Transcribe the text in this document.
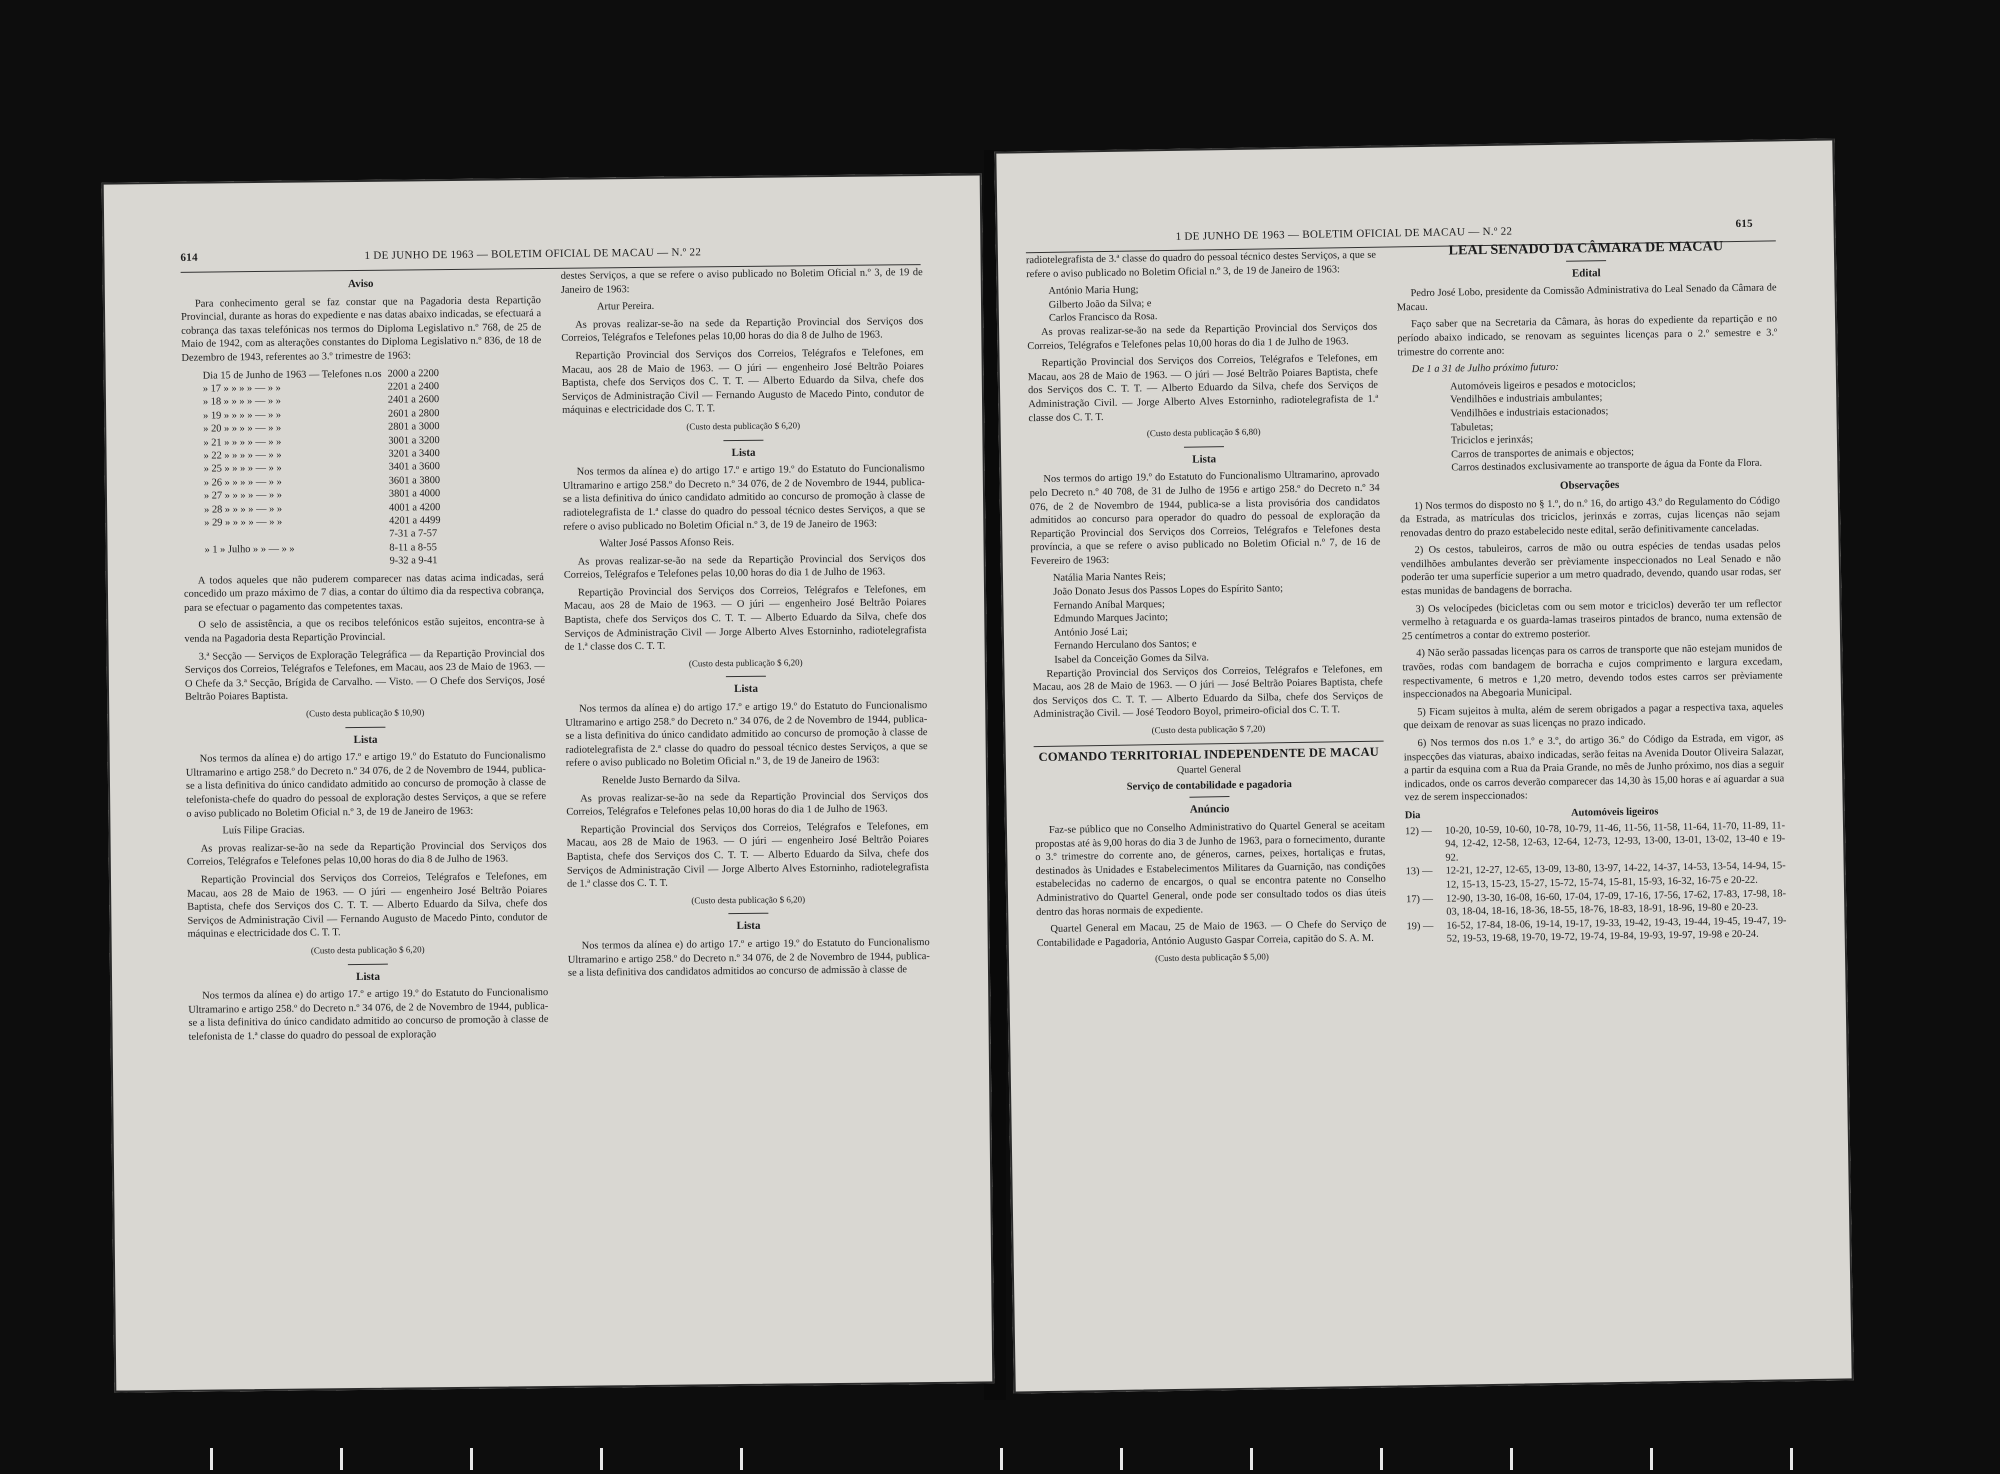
614	1 DE JUNHO DE 1963 — BOLETIM OFICIAL DE MACAU — N.º 22
Aviso

Para conhecimento geral se faz constar que na Pagadoria desta Repartição Provincial, durante as horas do expediente e nas datas abaixo indicadas, se efectuará a cobrança das taxas telefónicas nos termos do Diploma Legislativo n.º 768, de 25 de Maio de 1942, com as alterações constantes do Diploma Legislativo n.º 836, de 18 de Dezembro de 1943, referentes ao 3.º trimestre de 1963:

Dia 15 de Junho de 1963 — Telefones n.os	2000 a 2200
» 17 » » » » — » »	2201 a 2400
» 18 » » » » — » »	2401 a 2600
» 19 » » » » — » »	2601 a 2800
» 20 » » » » — » »	2801 a 3000
» 21 » » » » — » »	3001 a 3200
» 22 » » » » — » »	3201 a 3400
» 25 » » » » — » »	3401 a 3600
» 26 » » » » — » »	3601 a 3800
» 27 » » » » — » »	3801 a 4000
» 28 » » » » — » »	4001 a 4200
» 29 » » » » — » »	4201 a 4499
	7-31 a 7-57
» 1 » Julho » » — » »	8-11 a 8-55
	9-32 a 9-41

A todos aqueles que não puderem comparecer nas datas acima indicadas, será concedido um prazo máximo de 7 dias, a contar do último dia da respectiva cobrança, para se efectuar o pagamento das competentes taxas.

O selo de assistência, a que os recibos telefónicos estão sujeitos, encontra-se à venda na Pagadoria desta Repartição Provincial.

3.ª Secção — Serviços de Exploração Telegráfica — da Repartição Provincial dos Serviços dos Correios, Telégrafos e Telefones, em Macau, aos 23 de Maio de 1963. — O Chefe da 3.ª Secção, Brígida de Carvalho. — Visto. — O Chefe dos Serviços, José Beltrão Poiares Baptista.

(Custo desta publicação $ 10,90)
Lista

Nos termos da alínea e) do artigo 17.º e artigo 19.º do Estatuto do Funcionalismo Ultramarino e artigo 258.º do Decreto n.º 34 076, de 2 de Novembro de 1944, publica-se a lista definitiva do único candidato admitido ao concurso de promoção à classe de telefonista-chefe do quadro do pessoal de exploração destes Serviços, a que se refere o aviso publicado no Boletim Oficial n.º 3, de 19 de Janeiro de 1963:

Luís Filipe Gracias.

As provas realizar-se-ão na sede da Repartição Provincial dos Serviços dos Correios, Telégrafos e Telefones pelas 10,00 horas do dia 8 de Julho de 1963.

Repartição Provincial dos Serviços dos Correios, Telégrafos e Telefones, em Macau, aos 28 de Maio de 1963. — O júri — engenheiro José Beltrão Poiares Baptista, chefe dos Serviços dos C. T. T. — Alberto Eduardo da Silva, chefe dos Serviços de Administração Civil — Fernando Augusto de Macedo Pinto, condutor de máquinas e electricidade dos C. T. T.

(Custo desta publicação $ 6,20)
Lista

Nos termos da alínea e) do artigo 17.º e artigo 19.º do Estatuto do Funcionalismo Ultramarino e artigo 258.º do Decreto n.º 34 076, de 2 de Novembro de 1944, publica-se a lista definitiva do único candidato admitido ao concurso de promoção à classe de telefonista de 1.ª classe do quadro do pessoal de exploração

destes Serviços, a que se refere o aviso publicado no Boletim Oficial n.º 3, de 19 de Janeiro de 1963:

Artur Pereira.

As provas realizar-se-ão na sede da Repartição Provincial dos Serviços dos Correios, Telégrafos e Telefones pelas 10,00 horas do dia 8 de Julho de 1963.

Repartição Provincial dos Serviços dos Correios, Telégrafos e Telefones, em Macau, aos 28 de Maio de 1963. — O júri — engenheiro José Beltrão Poiares Baptista, chefe dos Serviços dos C. T. T. — Alberto Eduardo da Silva, chefe dos Serviços de Administração Civil — Fernando Augusto de Macedo Pinto, condutor de máquinas e electricidade dos C. T. T.

(Custo desta publicação $ 6,20)
Lista

Nos termos da alínea e) do artigo 17.º e artigo 19.º do Estatuto do Funcionalismo Ultramarino e artigo 258.º do Decreto n.º 34 076, de 2 de Novembro de 1944, publica-se a lista definitiva do único candidato admitido ao concurso de promoção à classe de radiotelegrafista de 1.ª classe do quadro do pessoal técnico destes Serviços, a que se refere o aviso publicado no Boletim Oficial n.º 3, de 19 de Janeiro de 1963:

Walter José Passos Afonso Reis.

As provas realizar-se-ão na sede da Repartição Provincial dos Serviços dos Correios, Telégrafos e Telefones pelas 10,00 horas do dia 1 de Julho de 1963.

Repartição Provincial dos Serviços dos Correios, Telégrafos e Telefones, em Macau, aos 28 de Maio de 1963. — O júri — engenheiro José Beltrão Poiares Baptista, chefe dos Serviços dos C. T. T. — Alberto Eduardo da Silva, chefe dos Serviços de Administração Civil — Jorge Alberto Alves Estorninho, radiotelegrafista de 1.ª classe dos C. T. T.

(Custo desta publicação $ 6,20)
Lista

Nos termos da alínea e) do artigo 17.º e artigo 19.º do Estatuto do Funcionalismo Ultramarino e artigo 258.º do Decreto n.º 34 076, de 2 de Novembro de 1944, publica-se a lista definitiva do único candidato admitido ao concurso de promoção à classe de radiotelegrafista de 2.ª classe do quadro do pessoal técnico destes Serviços, a que se refere o aviso publicado no Boletim Oficial n.º 3, de 19 de Janeiro de 1963:

Renelde Justo Bernardo da Silva.

As provas realizar-se-ão na sede da Repartição Provincial dos Serviços dos Correios, Telégrafos e Telefones pelas 10,00 horas do dia 1 de Julho de 1963.

Repartição Provincial dos Serviços dos Correios, Telégrafos e Telefones, em Macau, aos 28 de Maio de 1963. — O júri — engenheiro José Beltrão Poiares Baptista, chefe dos Serviços dos C. T. T. — Alberto Eduardo da Silva, chefe dos Serviços de Administração Civil — Jorge Alberto Alves Estorninho, radiotelegrafista de 1.ª classe dos C. T. T.

(Custo desta publicação $ 6,20)
Lista

Nos termos da alínea e) do artigo 17.º e artigo 19.º do Estatuto do Funcionalismo Ultramarino e artigo 258.º do Decreto n.º 34 076, de 2 de Novembro de 1944, publica-se a lista definitiva dos candidatos admitidos ao concurso de admissão à classe de

1 DE JUNHO DE 1963 — BOLETIM OFICIAL DE MACAU — N.º 22
615

radiotelegrafista de 3.ª classe do quadro do pessoal técnico destes Serviços, a que se refere o aviso publicado no Boletim Oficial n.º 3, de 19 de Janeiro de 1963:

António Maria Hung;
Gilberto João da Silva; e
Carlos Francisco da Rosa.

As provas realizar-se-ão na sede da Repartição Provincial dos Serviços dos Correios, Telégrafos e Telefones pelas 10,00 horas do dia 1 de Julho de 1963.

Repartição Provincial dos Serviços dos Correios, Telégrafos e Telefones, em Macau, aos 28 de Maio de 1963. — O júri — José Beltrão Poiares Baptista, chefe dos Serviços dos C. T. T. — Alberto Eduardo da Silva, chefe dos Serviços de Administração Civil. — Jorge Alberto Alves Estorninho, radiotelegrafista de 1.ª classe dos C. T. T.

(Custo desta publicação $ 6,80)
Lista

Nos termos do artigo 19.º do Estatuto do Funcionalismo Ultramarino, aprovado pelo Decreto n.º 40 708, de 31 de Julho de 1956 e artigo 258.º do Decreto n.º 34 076, de 2 de Novembro de 1944, publica-se a lista provisória dos candidatos admitidos ao concurso para operador do quadro do pessoal de exploração da Repartição Provincial dos Serviços dos Correios, Telégrafos e Telefones desta província, a que se refere o aviso publicado no Boletim Oficial n.º 7, de 16 de Fevereiro de 1963:

Natália Maria Nantes Reis;
João Donato Jesus dos Passos Lopes do Espírito Santo;
Fernando Aníbal Marques;
Edmundo Marques Jacinto;
António José Lai;
Fernando Herculano dos Santos; e
Isabel da Conceição Gomes da Silva.

Repartição Provincial dos Serviços dos Correios, Telégrafos e Telefones, em Macau, aos 28 de Maio de 1963. — O júri — José Beltrão Poiares Baptista, chefe dos Serviços dos C. T. T. — Alberto Eduardo da Silba, chefe dos Serviços de Administração Civil. — José Teodoro Boyol, primeiro-oficial dos C. T. T.

(Custo desta publicação $ 7,20)
COMANDO TERRITORIAL INDEPENDENTE DE MACAU
Quartel General
Serviço de contabilidade e pagadoria
Anúncio

Faz-se público que no Conselho Administrativo do Quartel General se aceitam propostas até às 9,00 horas do dia 3 de Junho de 1963, para o fornecimento, durante o 3.º trimestre do corrente ano, de géneros, carnes, peixes, hortaliças e frutas, destinados às Unidades e Estabelecimentos Militares da Guarnição, nas condições estabelecidas no caderno de encargos, o qual se encontra patente no Conselho Administrativo do Quartel General, onde pode ser consultado todos os dias úteis dentro das horas normais de expediente.

Quartel General em Macau, 25 de Maio de 1963. — O Chefe do Serviço de Contabilidade e Pagadoria, António Augusto Gaspar Correia, capitão do S. A. M.

(Custo desta publicação $ 5,00)
LEAL SENADO DA CÂMARA DE MACAU
Edital

Pedro José Lobo, presidente da Comissão Administrativa do Leal Senado da Câmara de Macau.

Faço saber que na Secretaria da Câmara, às horas do expediente da repartição e no período abaixo indicado, se renovam as seguintes licenças para o 2.º semestre e 3.º trimestre do corrente ano:

De 1 a 31 de Julho próximo futuro:

Automóveis ligeiros e pesados e motociclos;
Vendilhões e industriais ambulantes;
Vendilhões e industriais estacionados;
Tabuletas;
Triciclos e jerinxás;
Carros de transportes de animais e objectos;
Carros destinados exclusivamente ao transporte de água da Fonte da Flora.
Observações

1) Nos termos do disposto no § 1.º, do n.º 16, do artigo 43.º do Regulamento do Código da Estrada, as matrículas dos triciclos, jerinxás e zorras, cujas licenças não sejam renovadas dentro do prazo estabelecido neste edital, serão definitivamente canceladas.

2) Os cestos, tabuleiros, carros de mão ou outra espécies de tendas usadas pelos vendilhões ambulantes deverão ser prèviamente inspeccionados no Leal Senado e não poderão ter uma superfície superior a um metro quadrado, devendo, quando usar rodas, ser estas munidas de bandagens de borracha.

3) Os velocípedes (bicicletas com ou sem motor e triciclos) deverão ter um reflector vermelho à retaguarda e os guarda-lamas traseiros pintados de branco, numa extensão de 25 centímetros a contar do extremo posterior.

4) Não serão passadas licenças para os carros de transporte que não estejam munidos de travões, rodas com bandagem de borracha e cujos comprimento e largura excedam, respectivamente, 6 metros e 1,20 metro, devendo todos estes carros ser prèviamente inspeccionados na Abegoaria Municipal.

5) Ficam sujeitos à multa, além de serem obrigados a pagar a respectiva taxa, aqueles que deixam de renovar as suas licenças no prazo indicado.

6) Nos termos dos n.os 1.º e 3.º, do artigo 36.º do Código da Estrada, em vigor, as inspecções das viaturas, abaixo indicadas, serão feitas na Avenida Doutor Oliveira Salazar, a partir da esquina com a Rua da Praia Grande, no mês de Junho próximo, nos dias a seguir indicados, onde os carros deverão comparecer das 14,30 às 15,00 horas e aí aguardar a sua vez de serem inspeccionados:

Dia	Automóveis ligeiros
12) —	10-20, 10-59, 10-60, 10-78, 10-79, 11-46, 11-56, 11-58, 11-64, 11-70, 11-89, 11-94, 12-42, 12-58, 12-63, 12-64, 12-73, 12-93, 13-00, 13-01, 13-02, 13-40 e 19-92.
13) —	12-21, 12-27, 12-65, 13-09, 13-80, 13-97, 14-22, 14-37, 14-53, 13-54, 14-94, 15-12, 15-13, 15-23, 15-27, 15-72, 15-74, 15-81, 15-93, 16-32, 16-75 e 20-22.
17) —	12-90, 13-30, 16-08, 16-60, 17-04, 17-09, 17-16, 17-56, 17-62, 17-83, 17-98, 18-03, 18-04, 18-16, 18-36, 18-55, 18-76, 18-83, 18-91, 18-96, 19-80 e 20-23.
19) —	16-52, 17-84, 18-06, 19-14, 19-17, 19-33, 19-42, 19-43, 19-44, 19-45, 19-47, 19-52, 19-53, 19-68, 19-70, 19-72, 19-74, 19-84, 19-93, 19-97, 19-98 e 20-24.
